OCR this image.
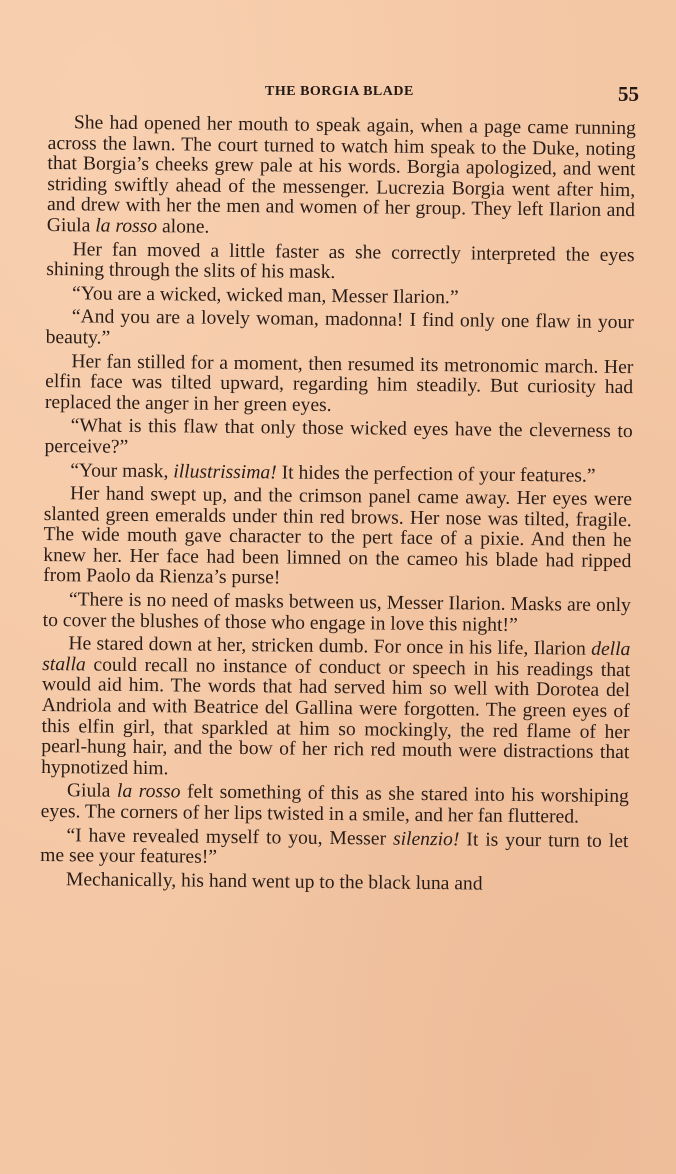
THE BORGIA BLADE	55

She had opened her mouth to speak again, when a page came running across the lawn. The court turned to watch him speak to the Duke, noting that Borgia’s cheeks grew pale at his words. Borgia apologized, and went striding swiftly ahead of the messenger. Lucrezia Borgia went after him, and drew with her the men and women of her group. They left Ilarion and Giula la rosso alone.

Her fan moved a little faster as she correctly interpreted the eyes shining through the slits of his mask.

“You are a wicked, wicked man, Messer Ilarion.”

“And you are a lovely woman, madonna! I find only one flaw in your beauty.”

Her fan stilled for a moment, then resumed its metronomic march. Her elfin face was tilted upward, regarding him steadily. But curiosity had replaced the anger in her green eyes.

“What is this flaw that only those wicked eyes have the cleverness to perceive?”

“Your mask, illustrissima! It hides the perfection of your features.”

Her hand swept up, and the crimson panel came away. Her eyes were slanted green emeralds under thin red brows. Her nose was tilted, fragile. The wide mouth gave character to the pert face of a pixie. And then he knew her. Her face had been limned on the cameo his blade had ripped from Paolo da Rienza’s purse!

“There is no need of masks between us, Messer Ilarion. Masks are only to cover the blushes of those who engage in love this night!”

He stared down at her, stricken dumb. For once in his life, Ilarion della stalla could recall no instance of conduct or speech in his readings that would aid him. The words that had served him so well with Dorotea del Andriola and with Beatrice del Gallina were forgotten. The green eyes of this elfin girl, that sparkled at him so mockingly, the red flame of her pearl-hung hair, and the bow of her rich red mouth were distractions that hypnotized him.

Giula la rosso felt something of this as she stared into his worshiping eyes. The corners of her lips twisted in a smile, and her fan fluttered.

“I have revealed myself to you, Messer silenzio! It is your turn to let me see your features!”

Mechanically, his hand went up to the black luna and
